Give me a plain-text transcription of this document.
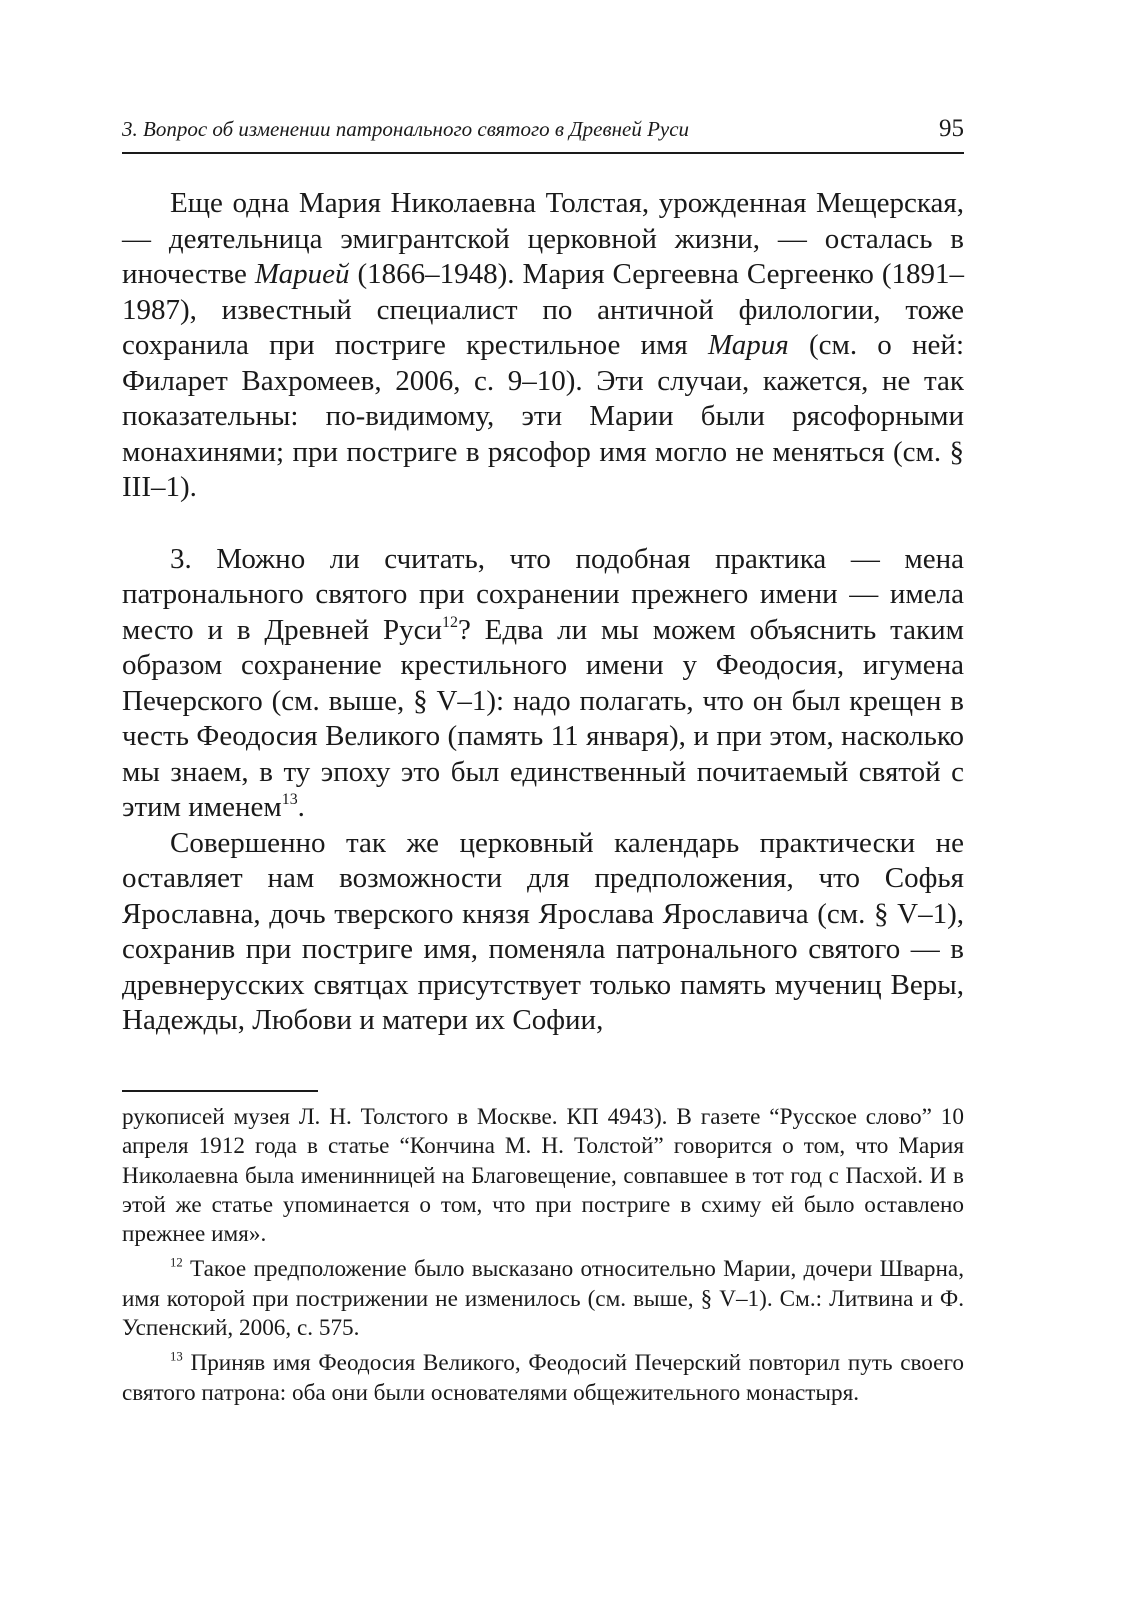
3. Вопрос об изменении патронального святого в Древней Руси	95

Еще одна Мария Николаевна Толстая, урожденная Мещерская, — деятельница эмигрантской церковной жизни, — осталась в иночестве Марией (1866–1948). Мария Сергеевна Сергеенко (1891–1987), известный специалист по античной филологии, тоже сохранила при постриге крестильное имя Мария (см. о ней: Филарет Вахромеев, 2006, с. 9–10). Эти случаи, кажется, не так показательны: по-видимому, эти Марии были рясофорными монахинями; при постриге в рясофор имя могло не меняться (см. § III–1).

3. Можно ли считать, что подобная практика — мена патронального святого при сохранении прежнего имени — имела место и в Древней Руси$^{12}$? Едва ли мы можем объяснить таким образом сохранение крестильного имени у Феодосия, игумена Печерского (см. выше, § V–1): надо полагать, что он был крещен в честь Феодосия Великого (память 11 января), и при этом, насколько мы знаем, в ту эпоху это был единственный почитаемый святой с этим именем$^{13}$.

Совершенно так же церковный календарь практически не оставляет нам возможности для предположения, что Софья Ярославна, дочь тверского князя Ярослава Ярославича (см. § V–1), сохранив при постриге имя, поменяла патронального святого — в древнерусских святцах присутствует только память мучениц Веры, Надежды, Любови и матери их Софии,

рукописей музея Л. Н. Толстого в Москве. КП 4943). В газете “Русское слово” 10 апреля 1912 года в статье “Кончина М. Н. Толстой” говорится о том, что Мария Николаевна была именинницей на Благовещение, совпавшее в тот год с Пасхой. И в этой же статье упоминается о том, что при постриге в схиму ей было оставлено прежнее имя».

$^{12}$ Такое предположение было высказано относительно Марии, дочери Шварна, имя которой при пострижении не изменилось (см. выше, § V–1). См.: Литвина и Ф. Успенский, 2006, с. 575.

$^{13}$ Приняв имя Феодосия Великого, Феодосий Печерский повторил путь своего святого патрона: оба они были основателями общежительного монастыря.
